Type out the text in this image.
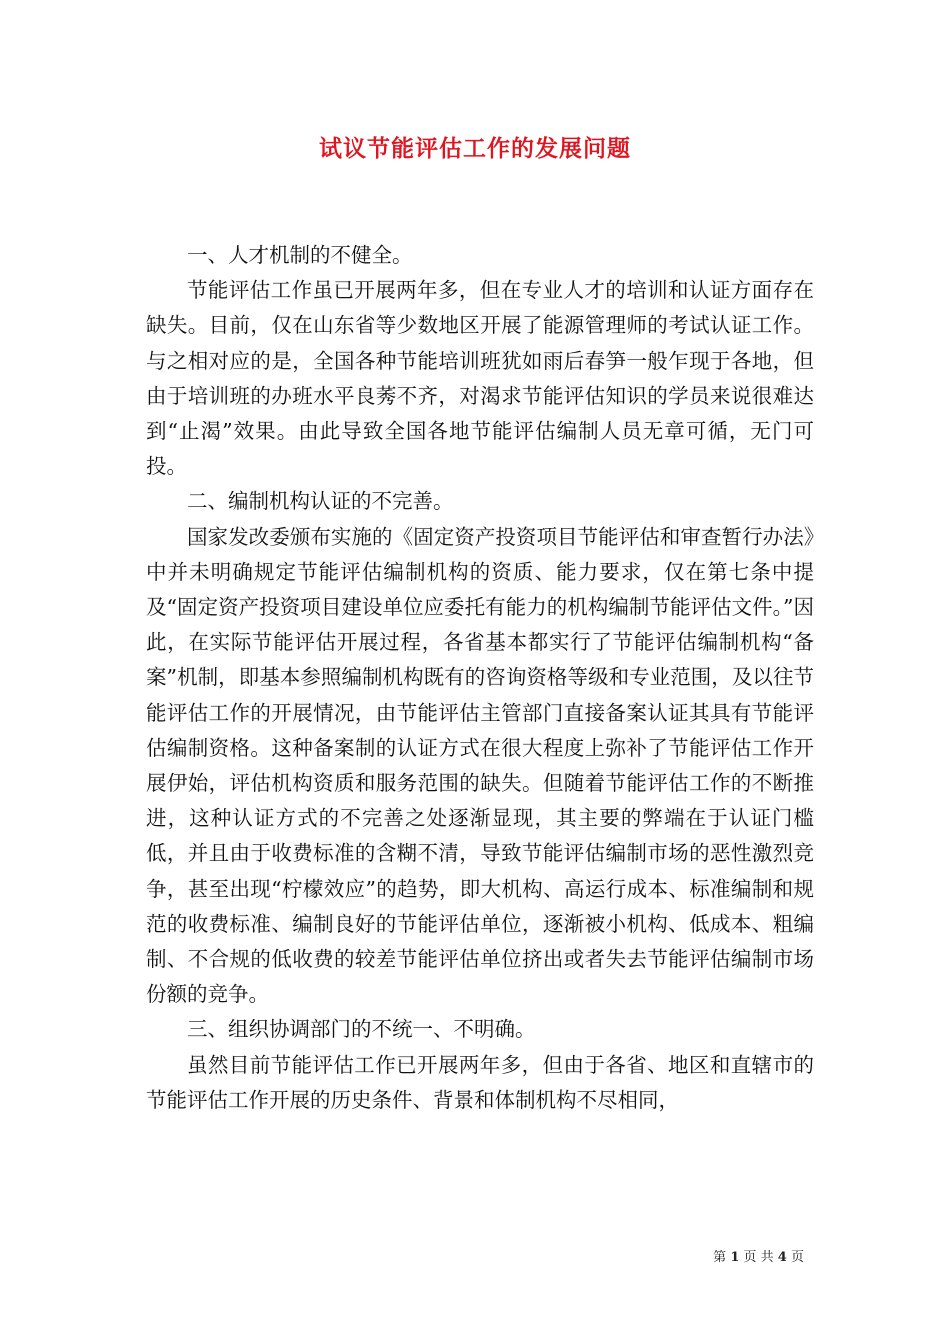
试议节能评估工作的发展问题

一、人才机制的不健全。

节能评估工作虽已开展两年多，但在专业人才的培训和认证方面存在缺失。目前，仅在山东省等少数地区开展了能源管理师的考试认证工作。与之相对应的是，全国各种节能培训班犹如雨后春笋一般乍现于各地，但由于培训班的办班水平良莠不齐，对渴求节能评估知识的学员来说很难达到“止渴”效果。由此导致全国各地节能评估编制人员无章可循，无门可投。

二、编制机构认证的不完善。

国家发改委颁布实施的《固定资产投资项目节能评估和审查暂行办法》中并未明确规定节能评估编制机构的资质、能力要求，仅在第七条中提及“固定资产投资项目建设单位应委托有能力的机构编制节能评估文件。”因此，在实际节能评估开展过程，各省基本都实行了节能评估编制机构“备案”机制，即基本参照编制机构既有的咨询资格等级和专业范围，及以往节能评估工作的开展情况，由节能评估主管部门直接备案认证其具有节能评估编制资格。这种备案制的认证方式在很大程度上弥补了节能评估工作开展伊始，评估机构资质和服务范围的缺失。但随着节能评估工作的不断推进，这种认证方式的不完善之处逐渐显现，其主要的弊端在于认证门槛低，并且由于收费标准的含糊不清，导致节能评估编制市场的恶性激烈竞争，甚至出现“柠檬效应”的趋势，即大机构、高运行成本、标准编制和规范的收费标准、编制良好的节能评估单位，逐渐被小机构、低成本、粗编制、不合规的低收费的较差节能评估单位挤出或者失去节能评估编制市场份额的竞争。

三、组织协调部门的不统一、不明确。

虽然目前节能评估工作已开展两年多，但由于各省、地区和直辖市的节能评估工作开展的历史条件、背景和体制机构不尽相同，

第 1 页 共 4 页
